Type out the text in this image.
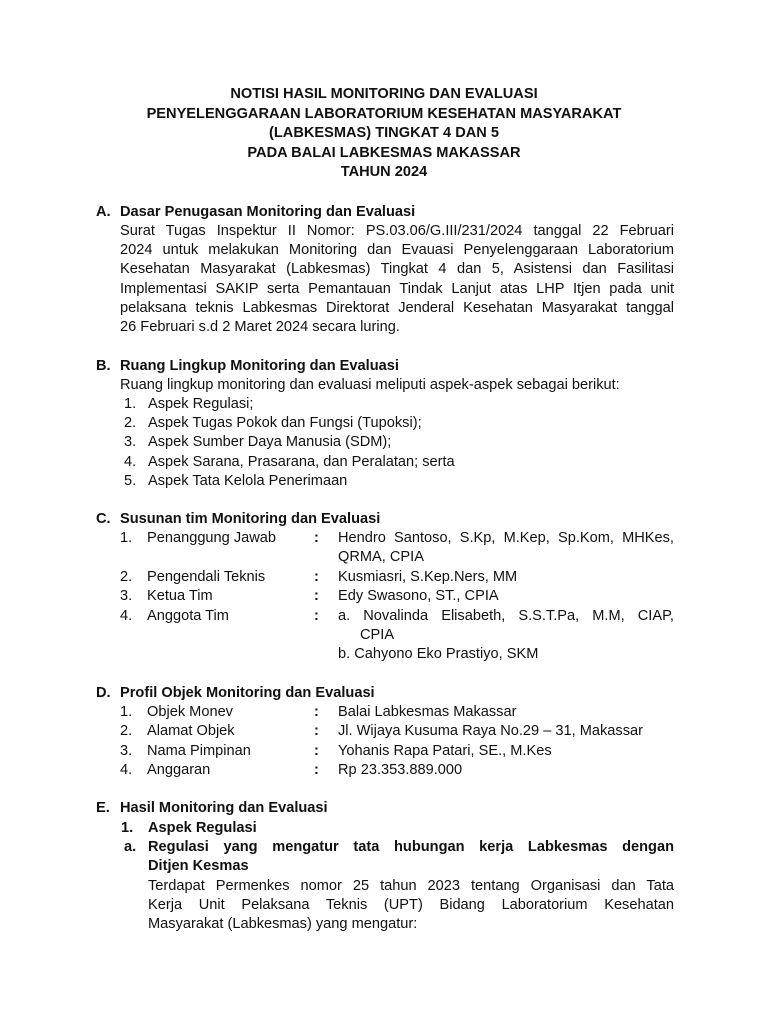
NOTISI HASIL MONITORING DAN EVALUASI
PENYELENGGARAAN LABORATORIUM KESEHATAN MASYARAKAT
(LABKESMAS) TINGKAT 4 DAN 5
PADA BALAI LABKESMAS MAKASSAR
TAHUN 2024
A. Dasar Penugasan Monitoring dan Evaluasi
Surat Tugas Inspektur II Nomor: PS.03.06/G.III/231/2024 tanggal 22 Februari
2024 untuk melakukan Monitoring dan Evauasi Penyelenggaraan Laboratorium
Kesehatan Masyarakat (Labkesmas) Tingkat 4 dan 5, Asistensi dan Fasilitasi
Implementasi SAKIP serta Pemantauan Tindak Lanjut atas LHP Itjen pada unit
pelaksana teknis Labkesmas Direktorat Jenderal Kesehatan Masyarakat tanggal
26 Februari s.d 2 Maret 2024 secara luring.
B. Ruang Lingkup Monitoring dan Evaluasi
Ruang lingkup monitoring dan evaluasi meliputi aspek-aspek sebagai berikut:
1. Aspek Regulasi;
2. Aspek Tugas Pokok dan Fungsi (Tupoksi);
3. Aspek Sumber Daya Manusia (SDM);
4. Aspek Sarana, Prasarana, dan Peralatan; serta
5. Aspek Tata Kelola Penerimaan
C. Susunan tim Monitoring dan Evaluasi
1. Penanggung Jawab	: Hendro Santoso, S.Kp, M.Kep, Sp.Kom, MHKes,
QRMA, CPIA
2. Pengendali Teknis	: Kusmiasri, S.Kep.Ners, MM
3. Ketua Tim	: Edy Swasono, ST., CPIA
4. Anggota Tim	: a. Novalinda Elisabeth, S.S.T.Pa, M.M, CIAP,
CPIA
b. Cahyono Eko Prastiyo, SKM
D. Profil Objek Monitoring dan Evaluasi
1. Objek Monev	: Balai Labkesmas Makassar
2. Alamat Objek	: Jl. Wijaya Kusuma Raya No.29 – 31, Makassar
3. Nama Pimpinan	: Yohanis Rapa Patari, SE., M.Kes
4. Anggaran	: Rp 23.353.889.000
E. Hasil Monitoring dan Evaluasi
1. Aspek Regulasi
a. Regulasi yang mengatur tata hubungan kerja Labkesmas dengan
Ditjen Kesmas
Terdapat Permenkes nomor 25 tahun 2023 tentang Organisasi dan Tata
Kerja Unit Pelaksana Teknis (UPT) Bidang Laboratorium Kesehatan
Masyarakat (Labkesmas) yang mengatur:
